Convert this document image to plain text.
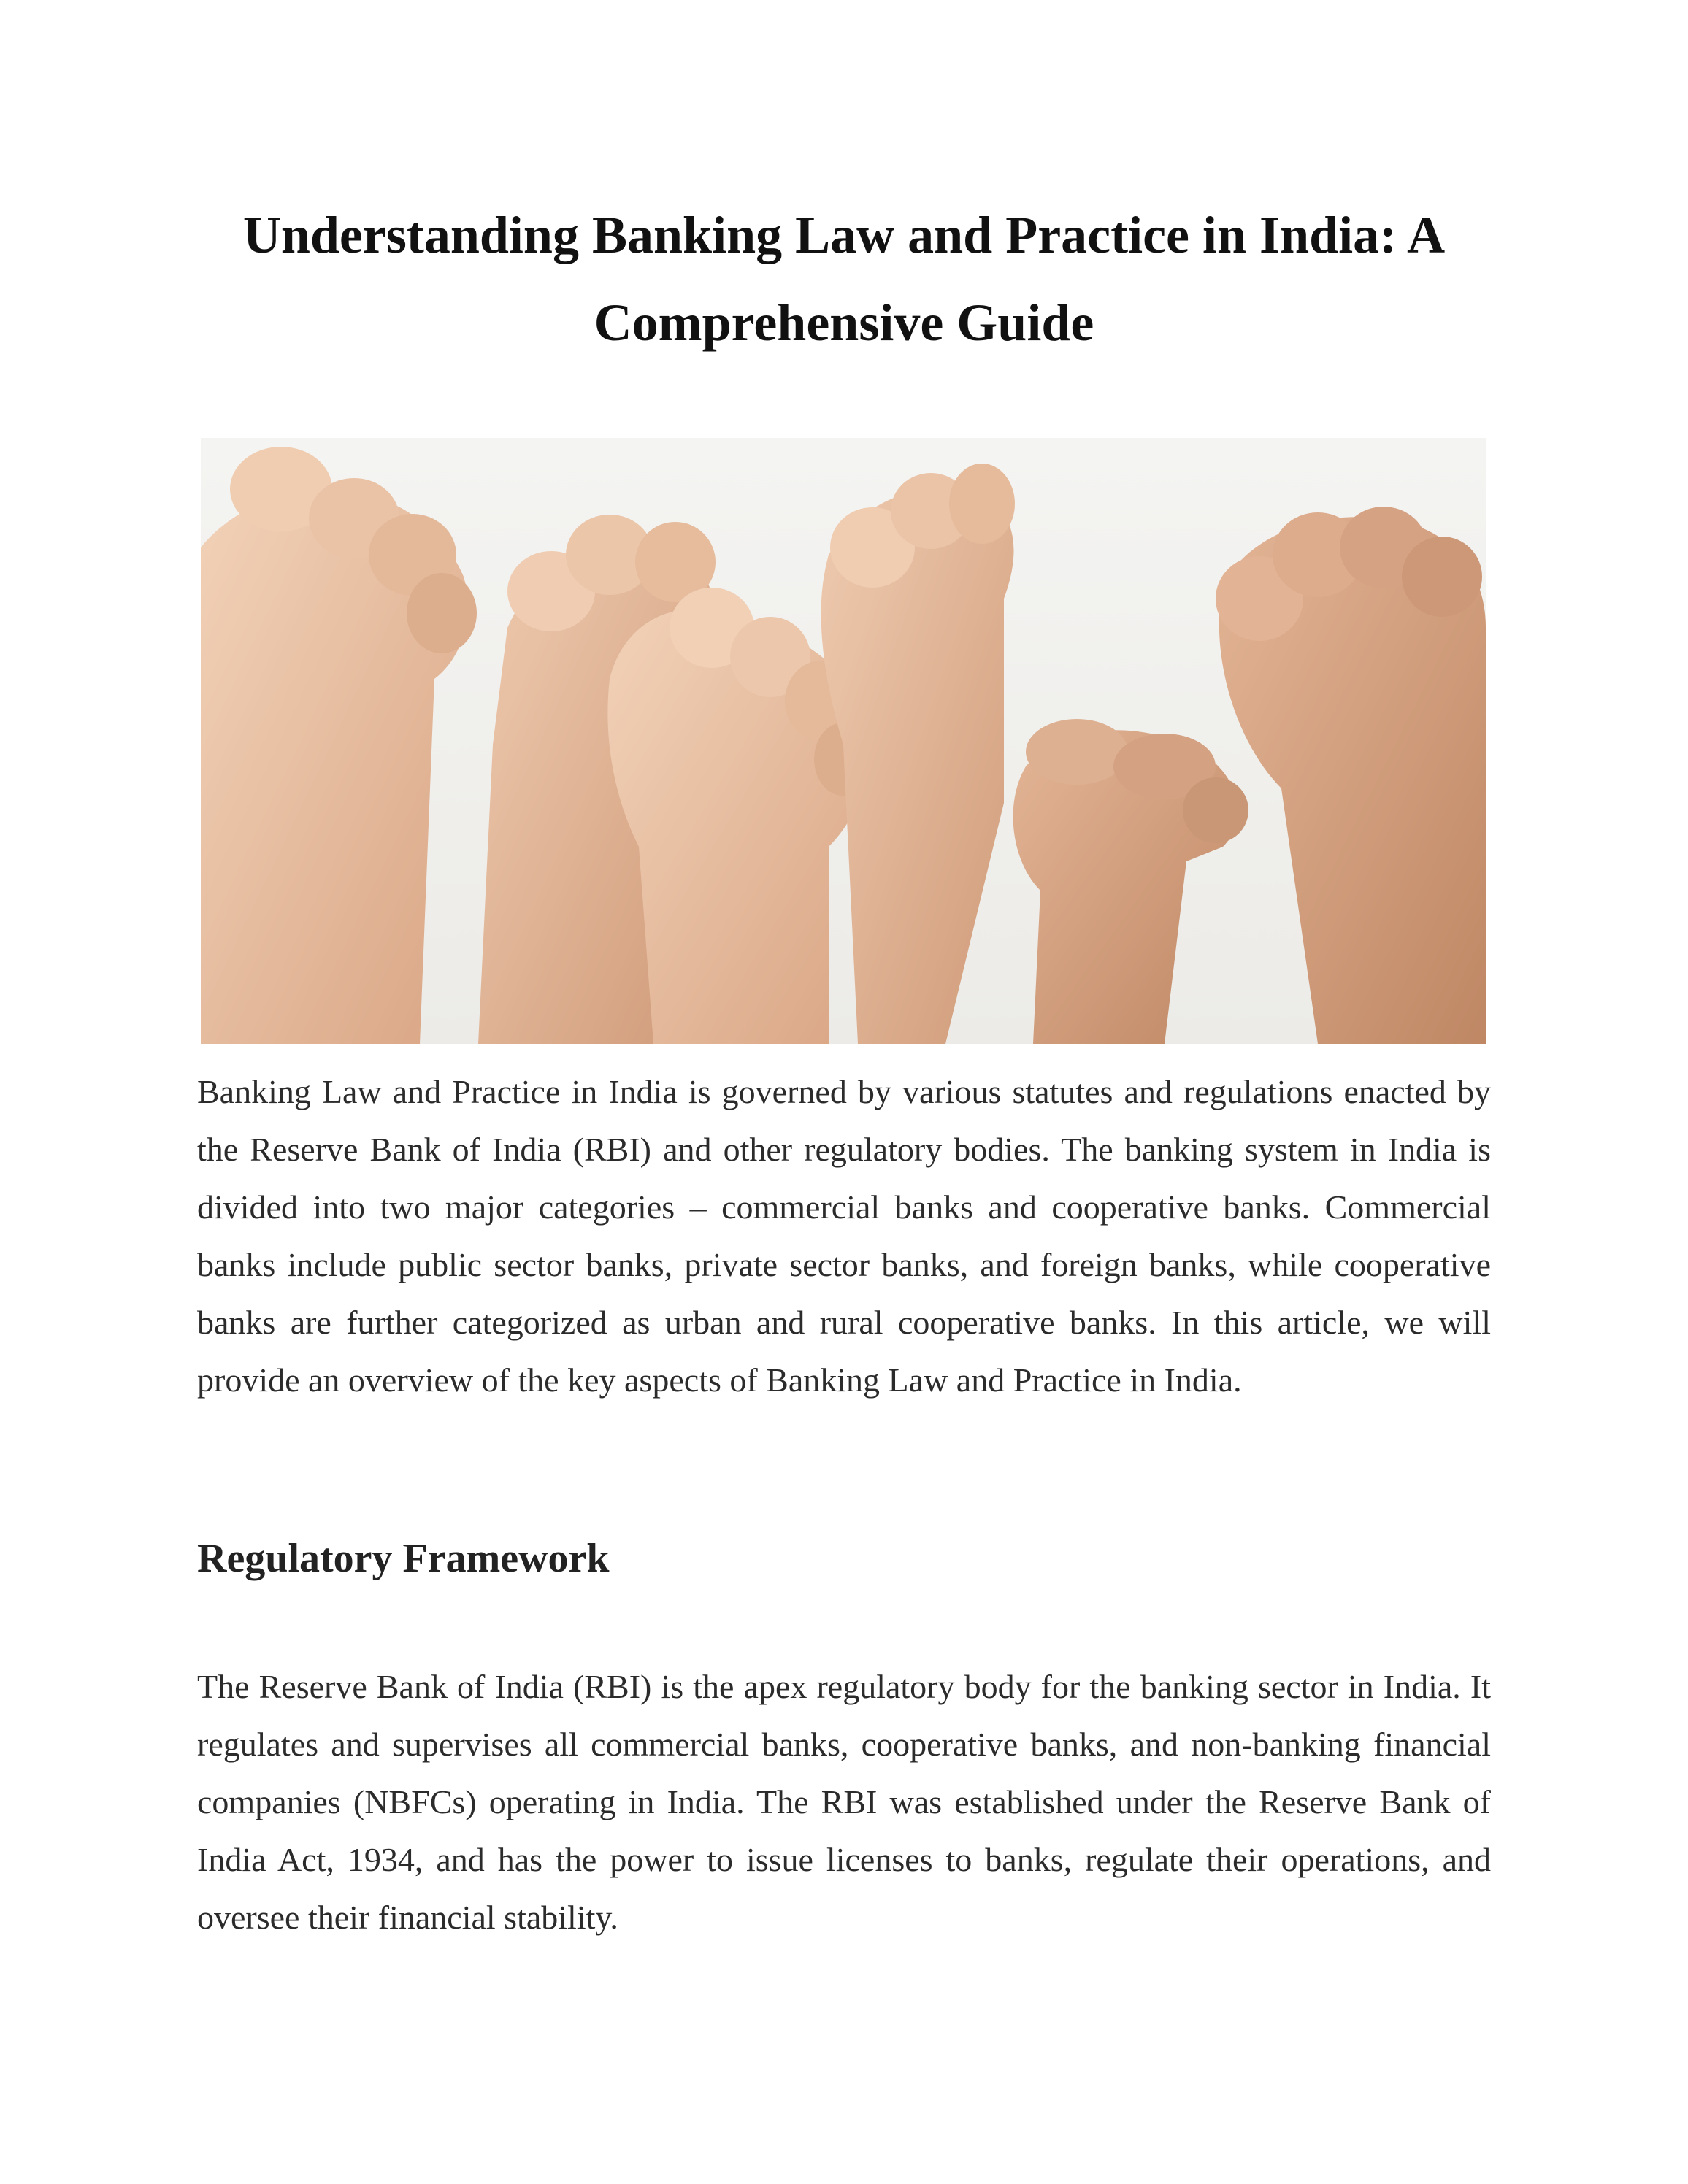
Understanding Banking Law and Practice in India: A Comprehensive Guide

Banking Law and Practice in India is governed by various statutes and regulations enacted by the Reserve Bank of India (RBI) and other regulatory bodies. The banking system in India is divided into two major categories – commercial banks and cooperative banks. Commercial banks include public sector banks, private sector banks, and foreign banks, while cooperative banks are further categorized as urban and rural cooperative banks. In this article, we will provide an overview of the key aspects of Banking Law and Practice in India.

Regulatory Framework

The Reserve Bank of India (RBI) is the apex regulatory body for the banking sector in India. It regulates and supervises all commercial banks, cooperative banks, and non-banking financial companies (NBFCs) operating in India. The RBI was established under the Reserve Bank of India Act, 1934, and has the power to issue licenses to banks, regulate their operations, and oversee their financial stability.
